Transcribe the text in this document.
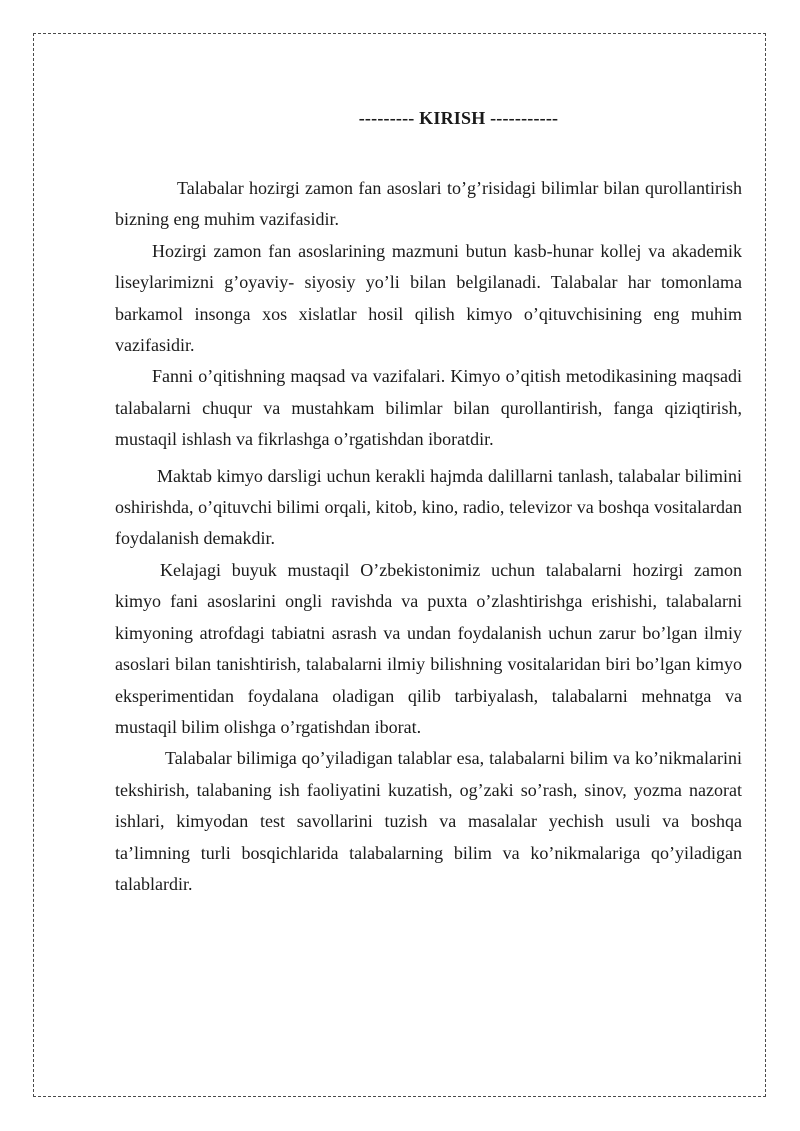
--------- KIRISH -----------

Talabalar hozirgi zamon fan asoslari to’g’risidagi bilimlar bilan qurollantirish bizning eng muhim vazifasidir.

Hozirgi zamon fan asoslarining mazmuni butun kasb-hunar kollej va akademik liseylarimizni g’oyaviy- siyosiy yo’li bilan belgilanadi. Talabalar har tomonlama barkamol insonga xos xislatlar hosil qilish kimyo o’qituvchisining eng muhim vazifasidir.

Fanni o’qitishning maqsad va vazifalari. Kimyo o’qitish metodikasining maqsadi talabalarni chuqur va mustahkam bilimlar bilan qurollantirish, fanga qiziqtirish, mustaqil ishlash va fikrlashga o’rgatishdan iboratdir.

Maktab kimyo darsligi uchun kerakli hajmda dalillarni tanlash, talabalar bilimini oshirishda, o’qituvchi bilimi orqali, kitob, kino, radio, televizor va boshqa vositalardan foydalanish demakdir.

Kelajagi buyuk mustaqil O’zbekistonimiz uchun talabalarni hozirgi zamon kimyo fani asoslarini ongli ravishda va puxta o’zlashtirishga erishishi, talabalarni kimyoning atrofdagi tabiatni asrash va undan foydalanish uchun zarur bo’lgan ilmiy asoslari bilan tanishtirish, talabalarni ilmiy bilishning vositalaridan biri bo’lgan kimyo eksperimentidan foydalana oladigan qilib tarbiyalash, talabalarni mehnatga va mustaqil bilim olishga o’rgatishdan iborat.

Talabalar bilimiga qo’yiladigan talablar esa, talabalarni bilim va ko’nikmalarini tekshirish, talabaning ish faoliyatini kuzatish, og’zaki so’rash, sinov, yozma nazorat ishlari, kimyodan test savollarini tuzish va masalalar yechish usuli va boshqa ta’limning turli bosqichlarida talabalarning bilim va ko’nikmalariga qo’yiladigan talablardir.
